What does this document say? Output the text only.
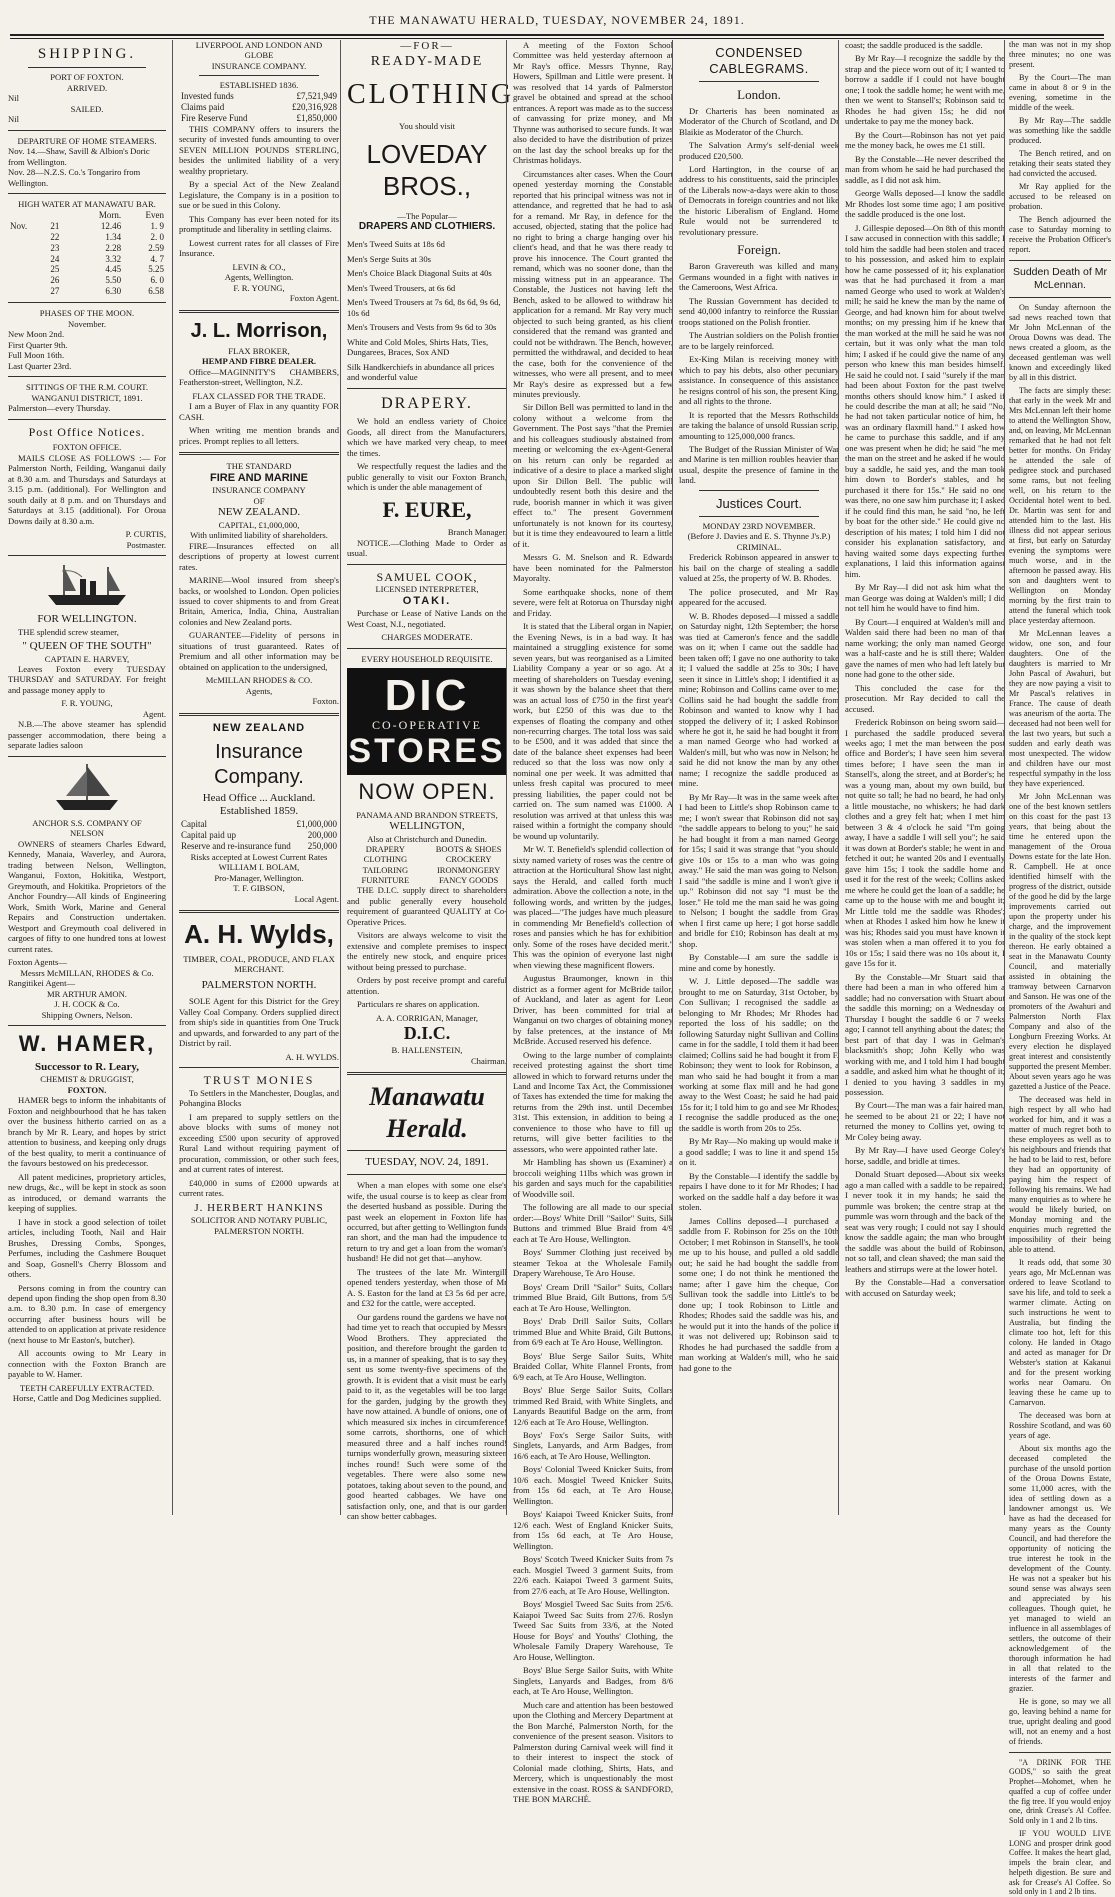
THE MANAWATU HERALD, TUESDAY, NOVEMBER 24, 1891.
SHIPPING.
PORT OF FOXTON.
ARRIVED.
Nil
SAILED.
Nil
DEPARTURE OF HOME STEAMERS.
Nov. 14.—Shaw, Savill & Albion's Doric from Wellington.
Nov. 28—N.Z.S. Co.'s Tongariro from Wellington.
HIGH WATER AT MANAWATU BAR.
		Morn.	Even
Nov.	21	12.46	1. 9
	22	1.34	2. 0
	23	2.28	2.59
	24	3.32	4. 7
	25	4.45	5.25
	26	5.50	6. 0
	27	6.30	6.58
PHASES OF THE MOON.
November.
New Moon 2nd.
First Quarter 9th.
Full Moon 16th.
Last Quarter 23rd.
SITTINGS OF THE R.M. COURT.
WANGANUI DISTRICT, 1891.
Palmerston—every Thursday.
Post Office Notices.
FOXTON OFFICE.

MAILS CLOSE AS FOLLOWS :— For Palmerston North, Feilding, Wanganui daily at 8.30 a.m. and Thursdays and Saturdays at 3.15 p.m. (additional). For Wellington and south daily at 8 p.m. and on Thursdays and Saturdays at 3.15 (additional). For Oroua Downs daily at 8.30 a.m.

P. CURTIS,
Postmaster.
FOR WELLINGTON.

THE splendid screw steamer,

" QUEEN OF THE SOUTH"
CAPTAIN E. HARVEY,

Leaves Foxton every TUESDAY THURSDAY and SATURDAY. For freight and passage money apply to

F. R. YOUNG,
Agent.

N.B.—The above steamer has splendid passenger accommodation, there being a separate ladies saloon

ANCHOR S.S. COMPANY OF
NELSON

OWNERS of steamers Charles Edward, Kennedy, Manaia, Waverley, and Aurora, trading between Nelson, Wellington, Wanganui, Foxton, Hokitika, Westport, Greymouth, and Hokitika. Proprietors of the Anchor Foundry—All kinds of Engineering Work, Smith Work, Marine and General Repairs and Construction undertaken. Westport and Greymouth coal delivered in cargoes of fifty to one hundred tons at lowest current rates.

Foxton Agents—
Messrs McMILLAN, RHODES & Co.
Rangitikei Agent—
MR ARTHUR AMON.
J. H. COCK & Co.
Shipping Owners, Nelson.
W. HAMER,
Successor to R. Leary,
CHEMIST & DRUGGIST,
FOXTON.

HAMER begs to inform the inhabitants of Foxton and neighbourhood that he has taken over the business hitherto carried on as a branch by Mr R. Leary, and hopes by strict attention to business, and keeping only drugs of the best quality, to merit a continuance of the favours bestowed on his predecessor.

All patent medicines, proprietory articles, new drugs, &c., will be kept in stock as soon as introduced, or demand warrants the keeping of supplies.

I have in stock a good selection of toilet articles, including Tooth, Nail and Hair Brushes, Dressing Combs, Sponges, Perfumes, including the Cashmere Bouquet and Soap, Gosnell's Cherry Blossom and others.

Persons coming in from the country can depend upon finding the shop open from 8.30 a.m. to 8.30 p.m. In case of emergency occurring after business hours will be attended to on application at private residence (next house to Mr Easton's, butcher).

All accounts owing to Mr Leary in connection with the Foxton Branch are payable to W. Hamer.

TEETH CAREFULLY EXTRACTED.
Horse, Cattle and Dog Medicines supplied.
LIVERPOOL AND LONDON AND
GLOBE
INSURANCE COMPANY.
ESTABLISHED 1836.
Invested funds	£7,521,949
Claims paid	£20,316,928
Fire Reserve Fund	£1,850,000

THIS COMPANY offers to insurers the security of invested funds amounting to over SEVEN MILLION POUNDS STERLING, besides the unlimited liability of a very wealthy proprietary.

By a special Act of the New Zealand Legislature, the Company is in a position to sue or be sued in this Colony.

This Company has ever been noted for its promptitude and liberality in settling claims.

Lowest current rates for all classes of Fire Insurance.

LEVIN & CO.,
Agents, Wellington.
F. R. YOUNG,
Foxton Agent.
J. L. Morrison,
FLAX BROKER,
HEMP AND FIBRE DEALER.

Office—MAGINNITY'S CHAMBERS, Featherston-street, Wellington, N.Z.

FLAX CLASSED FOR THE TRADE.

I am a Buyer of Flax in any quantity FOR CASH.

When writing me mention brands and prices. Prompt replies to all letters.

THE STANDARD
FIRE AND MARINE
INSURANCE COMPANY
OF
NEW ZEALAND.
CAPITAL, £1,000,000,
With unlimited liability of shareholders.

FIRE—Insurances effected on all descriptions of property at lowest current rates.

MARINE—Wool insured from sheep's backs, or woolshed to London. Open policies issued to cover shipments to and from Great Britain, America, India, China, Australian colonies and New Zealand ports.

GUARANTEE—Fidelity of persons in situations of trust guaranteed. Rates of Premium and all other information may be obtained on application to the undersigned,

McMILLAN RHODES & CO.
Agents,
Foxton.
NEW ZEALAND
Insurance Company.
Head Office ... Auckland.
Established 1859.
Capital	£1,000,000
Capital paid up	200,000
Reserve and re-insurance fund	250,000
Risks accepted at Lowest Current Rates
WILLIAM I. BOLAM,
Pro-Manager, Wellington.
T. F. GIBSON,
Local Agent.
A. H. Wylds,
TIMBER, COAL, PRODUCE, AND FLAX MERCHANT.
PALMERSTON NORTH.

SOLE Agent for this District for the Grey Valley Coal Company. Orders supplied direct from ship's side in quantities from One Truck and upwards, and forwarded to any part of the District by rail.

A. H. WYLDS.
TRUST MONIES

To Settlers in the Manchester, Douglas, and Pohangina Blocks

I am prepared to supply settlers on the above blocks with sums of money not exceeding £500 upon security of approved Rural Land without requiring payment of procuration, commission, or other such fees, and at current rates of interest.

£40,000 in sums of £2000 upwards at current rates.

J. HERBERT HANKINS
SOLICITOR AND NOTARY PUBLIC,
PALMERSTON NORTH.
—FOR—
READY-MADE
CLOTHING
You should visit
LOVEDAY BROS.,
—The Popular—
DRAPERS AND CLOTHIERS.
Men's Tweed Suits at 18s 6d
Men's Serge Suits at 30s
Men's Choice Black Diagonal Suits at 40s
Men's Tweed Trousers, at 6s 6d
Men's Tweed Trousers at 7s 6d, 8s 6d, 9s 6d, 10s 6d
Men's Trousers and Vests from 9s 6d to 30s
White and Cold Moles, Shirts Hats, Ties, Dungarees, Braces, Sox AND
Silk Handkerchiefs in abundance all prices and wonderful value
DRAPERY.

We hold an endless variety of Choice Goods, all direct from the Manufacturers, which we have marked very cheap, to meet the times.

We respectfully request the ladies and the public generally to visit our Foxton Branch, which is under the able management of

F. EURE,
Branch Manager.

NOTICE.—Clothing Made to Order as usual.

SAMUEL COOK,
LICENSED INTERPRETER,
OTAKI.

Purchase or Lease of Native Lands on the West Coast, N.I., negotiated.

CHARGES MODERATE.
EVERY HOUSEHOLD REQUISITE.
DIC
CO-OPERATIVE
STORES
NOW OPEN.
PANAMA AND BRANDON STREETS,
WELLINGTON,
Also at Christchurch and Dunedin.
DRAPERY
CLOTHING
TAILORING
FURNITURE
BOOTS & SHOES
CROCKERY
IRONMONGERY
FANCY GOODS

THE D.I.C. supply direct to shareholders and public generally every household requirement of guaranteed QUALITY at Co-Operative Prices.

Visitors are always welcome to visit the extensive and complete premises to inspect the entirely new stock, and enquire prices without being pressed to purchase.

Orders by post receive prompt and careful attention.

Particulars re shares on application.

A. A. CORRIGAN, Manager,
D.I.C.
B. HALLENSTEIN,
Chairman.
Manawatu Herald.
TUESDAY, NOV. 24, 1891.

When a man elopes with some one else's wife, the usual course is to keep as clear from the deserted husband as possible. During the past week an elopement in Foxton life has occurred, but after getting to Wellington funds ran short, and the man had the impudence to return to try and get a loan from the woman's husband! He did not get that—anyhow.

The trustees of the late Mr. Wintergill opened tenders yesterday, when those of Mr A. S. Easton for the land at £3 5s 6d per acre, and £32 for the cattle, were accepted.

Our gardens round the gardens we have not had time yet to reach that occupied by Messrs Wood Brothers. They appreciated the position, and therefore brought the garden to us, in a manner of speaking, that is to say they sent us some twenty-five specimens of the growth. It is evident that a visit must be early paid to it, as the vegetables will be too large for the garden, judging by the growth they have now attained. A bundle of onions, one of which measured six inches in circumference! some carrots, shorthorns, one of which measured three and a half inches round! turnips wonderfully grown, measuring sixteen inches round! Such were some of the vegetables. There were also some new potatoes, taking about seven to the pound, and good hearted cabbages. We have one satisfaction only, one, and that is our garden can show better cabbages.

A meeting of the Foxton School Committee was held yesterday afternoon at Mr Ray's office. Messrs Thynne, Ray, Howers, Spillman and Little were present. It was resolved that 14 yards of Palmerston gravel be obtained and spread at the school entrances. A report was made as to the success of canvassing for prize money, and Mr Thynne was authorised to secure funds. It was also decided to have the distribution of prizes on the last day the school breaks up for the Christmas holidays.

Circumstances alter cases. When the Court opened yesterday morning the Constable reported that his principal witness was not in attendance, and regretted that he had to ask for a remand. Mr Ray, in defence for the accused, objected, stating that the police had no right to bring a charge hanging over his client's head, and that he was there ready to prove his innocence. The Court granted the remand, which was no sooner done, than the missing witness put in an appearance. The Constable, the Justices not having left the Bench, asked to be allowed to withdraw his application for a remand. Mr Ray very much objected to such being granted, as his client considered that the remand was granted and could not be withdrawn. The Bench, however, permitted the withdrawal, and decided to hear the case, both for the convenience of the witnesses, who were all present, and to meet Mr Ray's desire as expressed but a few minutes previously.

Sir Dillon Bell was permitted to land in the colony without a welcome from the Government. The Post says "that the Premier and his colleagues studiously abstained from meeting or welcoming the ex-Agent-General on his return can only be regarded as indicative of a desire to place a marked slight upon Sir Dillon Bell. The public will undoubtedly resent both this desire and the rude, boorish manner in which it was given effect to." The present Government unfortunately is not known for its courtesy, but it is time they endeavoured to learn a little of it.

Messrs G. M. Snelson and R. Edwards have been nominated for the Palmerston Mayoralty.

Some earthquake shocks, none of them severe, were felt at Rotorua on Thursday night and Friday.

It is stated that the Liberal organ in Napier, the Evening News, is in a bad way. It has maintained a struggling existence for some seven years, but was reorganised as a Limited Liability Company a year or so ago. At a meeting of shareholders on Tuesday evening, it was shown by the balance sheet that there was an actual loss of £750 in the first year's work, but £250 of this was due to the expenses of floating the company and other non-recurring charges. The total loss was said to be £500, and it was added that since the date of the balance sheet expenses had been reduced so that the loss was now only a nominal one per week. It was admitted that unless fresh capital was procured to meet pressing liabilities, the paper could not be carried on. The sum named was £1000. A resolution was arrived at that unless this was raised within a fortnight the company should be wound up voluntarily.

Mr W. T. Benefield's splendid collection of sixty named variety of roses was the centre of attraction at the Horticultural Show last night, says the Herald, and called forth much admiration. Above the collection a note, in the following words, and written by the judges, was placed—"The judges have much pleasure in commending Mr Benefield's collection of roses and pansies which he has for exhibition only. Some of the roses have decided merit." This was the opinion of everyone last night when viewing these magnificent flowers.

Augustus Braumonger, known in this district as a former agent for McBride tailor, of Auckland, and later as agent for Leon Driver, has been committed for trial at Wanganui on two charges of obtaining money by false pretences, at the instance of Mr McBride. Accused reserved his defence.

Owing to the large number of complaints received protesting against the short time allowed in which to forward returns under the Land and Income Tax Act, the Commissioner of Taxes has extended the time for making the returns from the 29th inst. until December 31st. This extension, in addition to being a convenience to those who have to fill up returns, will give better facilities to the assessors, who were appointed rather late.

Mr Hambling has shown us (Examiner) a broccoli weighing 11lbs which was grown in his garden and says much for the capabilities of Woodville soil.

The following are all made to our special order:—Boys' White Drill "Sailor" Suits, Silk Buttons and trimmed Blue Braid from 4/9 each at Te Aro House, Wellington.

Boys' Summer Clothing just received by steamer Tekoa at the Wholesale Family Drapery Warehouse, Te Aro House.

Boys' Cream Drill "Sailor" Suits, Collars trimmed Blue Braid, Gilt Buttons, from 5/9 each at Te Aro House, Wellington.

Boys' Drab Drill Sailor Suits, Collars trimmed Blue and White Braid, Gilt Buttons, from 6/9 each at Te Aro House, Wellington.

Boys' Blue Serge Sailor Suits, White Braided Collar, White Flannel Fronts, from 6/9 each, at Te Aro House, Wellington.

Boys' Blue Serge Sailor Suits, Collars trimmed Red Braid, with White Singlets, and Lanyards Beautiful Badge on the arm, from 12/6 each at Te Aro House, Wellington.

Boys' Fox's Serge Sailor Suits, with Singlets, Lanyards, and Arm Badges, from 16/6 each, at Te Aro House, Wellington.

Boys' Colonial Tweed Knicker Suits, from 10/6 each. Mosgiel Tweed Knicker Suits, from 15s 6d each, at Te Aro House, Wellington.

Boys' Kaiapoi Tweed Knicker Suits, from 12/6 each. West of England Knicker Suits, from 15s 6d each, at Te Aro House, Wellington.

Boys' Scotch Tweed Knicker Suits from 7s each. Mosgiel Tweed 3 garment Suits, from 22/6 each. Kaiapoi Tweed 3 garment Suits, from 27/6 each, at Te Aro House, Wellington.

Boys' Mosgiel Tweed Sac Suits from 25/6. Kaiapoi Tweed Sac Suits from 27/6. Roslyn Tweed Sac Suits from 33/6, at the Noted House for Boys' and Youths' Clothing, the Wholesale Family Drapery Warehouse, Te Aro House, Wellington.

Boys' Blue Serge Sailor Suits, with White Singlets, Lanyards and Badges, from 8/6 each, at Te Aro House, Wellington.

Much care and attention has been bestowed upon the Clothing and Mercery Department at the Bon Marché, Palmerston North, for the convenience of the present season. Visitors to Palmerston during Carnival week will find it to their interest to inspect the stock of Colonial made clothing, Shirts, Hats, and Mercery, which is unquestionably the most extensive in the coast. ROSS & SANDFORD, THE BON MARCHÉ.

CONDENSED CABLEGRAMS.
London.

Dr Charteris has been nominated as Moderator of the Church of Scotland, and Dr Blaikie as Moderator of the Church.

The Salvation Army's self-denial week produced £20,500.

Lord Hartington, in the course of an address to his constituents, said the principles of the Liberals now-a-days were akin to those of Democrats in foreign countries and not like the historic Liberalism of England. Home Rule would not be surrendered to revolutionary pressure.

Foreign.

Baron Gravereuth was killed and many Germans wounded in a fight with natives in the Cameroons, West Africa.

The Russian Government has decided to send 40,000 infantry to reinforce the Russian troops stationed on the Polish frontier.

The Austrian soldiers on the Polish frontier are to be largely reinforced.

Ex-King Milan is receiving money with which to pay his debts, also other pecuniary assistance. In consequence of this assistance he resigns control of his son, the present King, and all rights to the throne.

It is reported that the Messrs Rothschilds are taking the balance of unsold Russian scrip, amounting to 125,000,000 francs.

The Budget of the Russian Minister of War and Marine is ten million roubles heavier than usual, despite the presence of famine in the land.

Justices Court.
MONDAY 23RD NOVEMBER.
(Before J. Davies and E. S. Thynne J's.P.)
CRIMINAL.

Frederick Robinson appeared in answer to his bail on the charge of stealing a saddle valued at 25s, the property of W. B. Rhodes.

The police prosecuted, and Mr Ray appeared for the accused.

W. B. Rhodes deposed—I missed a saddle on Saturday night, 12th September; the horse was tied at Cameron's fence and the saddle was on it; when I came out the saddle had been taken off; I gave no one authority to take it; I valued the saddle at 25s to 30s; I have seen it since in Little's shop; I identified it as mine; Robinson and Collins came over to me; Collins said he had bought the saddle from Robinson and wanted to know why I had stopped the delivery of it; I asked Robinson where he got it, he said he had bought it from a man named George who had worked at Walden's mill, but who was now in Nelson; he said he did not know the man by any other name; I recognize the saddle produced as mine.

By Mr Ray—It was in the same week after I had been to Little's shop Robinson came to me; I won't swear that Robinson did not say "the saddle appears to belong to you;" he said he had bought it from a man named George for 15s; I said it was strange that "you should give 10s or 15s to a man who was going away." He said the man was going to Nelson. I said "the saddle is mine and I won't give it up." Robinson did not say "I must be the loser." He told me the man said he was going to Nelson; I bought the saddle from Gray when I first came up here; I got horse saddle and bridle for £10; Robinson has dealt at my shop.

By Constable—I am sure the saddle is mine and come by honestly.

W. J. Little deposed—The saddle was brought to me on Saturday, 31st October, by Con Sullivan; I recognised the saddle as belonging to Mr Rhodes; Mr Rhodes had reported the loss of his saddle; on the following Saturday night Sullivan and Collins came in for the saddle, I told them it had been claimed; Collins said he had bought it from F. Robinson; they went to look for Robinson, a man who said he had bought it from a man working at some flax mill and he had gone away to the West Coast; he said he had paid 15s for it; I told him to go and see Mr Rhodes; I recognise the saddle produced as the one; the saddle is worth from 20s to 25s.

By Mr Ray—No making up would make it a good saddle; I was to line it and spend 15s on it.

By the Constable—I identify the saddle by repairs I have done to it for Mr Rhodes; I had worked on the saddle half a day before it was stolen.

James Collins deposed—I purchased a saddle from F. Robinson for 25s on the 10th October; I met Robinson in Stansell's, he took me up to his house, and pulled a old saddle out; he said he had bought the saddle from some one; I do not think he mentioned the name; after I gave him the cheque, Con Sullivan took the saddle into Little's to be done up; I took Robinson to Little and Rhodes; Rhodes said the saddle was his, and he would put it into the hands of the police if it was not delivered up; Robinson said to Rhodes he had purchased the saddle from a man working at Walden's mill, who he said had gone to the

coast; the saddle produced is the saddle.

By Mr Ray—I recognize the saddle by the strap and the piece worn out of it; I wanted to borrow a saddle if I could not have bought one; I took the saddle home; he went with me, then we went to Stansell's; Robinson said to Rhodes he had given 15s; he did not undertake to pay me the money back.

By the Court—Robinson has not yet paid me the money back, he owes me £1 still.

By the Constable—He never described the man from whom he said he had purchased the saddle, as I did not ask him.

George Walls deposed—I know the saddle Mr Rhodes lost some time ago; I am positive the saddle produced is the one lost.

J. Gillespie deposed—On 8th of this month I saw accused in connection with this saddle; I told him the saddle had been stolen and traced to his possession, and asked him to explain how he came possessed of it; his explanation was that he had purchased it from a man named George who used to work at Walden's mill; he said he knew the man by the name of George, and had known him for about twelve months; on my pressing him if he knew that the man worked at the mill he said he was not certain, but it was only what the man told him; I asked if he could give the name of any person who knew this man besides himself. He said he could not. I said "surely if the man had been about Foxton for the past twelve months others should know him." I asked if he could describe the man at all; he said "No, he had not taken particular notice of him, he was an ordinary flaxmill hand." I asked how he came to purchase this saddle, and if any one was present when he did; he said "he met the man on the street and he asked if he would buy a saddle, he said yes, and the man took him down to Border's stables, and he purchased it there for 15s." He said no one was there, no one saw him purchase it; I asked if he could find this man, he said "no, he left by boat for the other side." He could give no description of his mates; I told him I did not consider his explanation satisfactory, and having waited some days expecting further explanations, I laid this information against him.

By Mr Ray—I did not ask him what the man George was doing at Walden's mill; I did not tell him he would have to find him.

By Court—I enquired at Walden's mill and Walden said there had been no man of that name working; the only man named George was a half-caste and he is still there; Walden gave the names of men who had left lately but none had gone to the other side.

This concluded the case for the prosecution. Mr Ray decided to call the accused.

Frederick Robinson on being sworn said—I purchased the saddle produced several weeks ago; I met the man between the post office and Border's; I have seen him several times before; I have seen the man in Stansell's, along the street, and at Border's; he was a young man, about my own build, but not quite so tall; he had no beard, he had only a little moustache, no whiskers; he had dark clothes and a grey felt hat; when I met him between 3 & 4 o'clock he said "I'm going away, I have a saddle I will sell you"; he said it was down at Border's stable; he went in and fetched it out; he wanted 20s and I eventually gave him 15s; I took the saddle home and used it for the rest of the week; Collins asked me where he could get the loan of a saddle; he came up to the house with me and bought it; Mr Little told me the saddle was Rhodes'; when at Rhodes I asked him how he knew it was his; Rhodes said you must have known it was stolen when a man offered it to you for 10s or 15s; I said there was no 10s about it, I gave 15s for it.

By the Constable—Mr Stuart said that there had been a man in who offered him a saddle; had no conversation with Stuart about the saddle this morning; on a Wednesday or Thursday I bought the saddle 6 or 7 weeks ago; I cannot tell anything about the dates; the best part of that day I was in Gelman's blacksmith's shop; John Kelly who was working with me, and I told him I had bought a saddle, and asked him what he thought of it; I denied to you having 3 saddles in my possession.

By Court—The man was a fair haired man, he seemed to be about 21 or 22; I have not returned the money to Collins yet, owing to Mr Coley being away.

By Mr Ray—I have used George Coley's horse, saddle, and bridle at times.

Donald Stuart deposed—About six weeks ago a man called with a saddle to be repaired; I never took it in my hands; he said the pummle was broken; the centre strap at the pummle was worn through and the back of the seat was very rough; I could not say I should know the saddle again; the man who brought the saddle was about the build of Robinson, not so tall, and clean shaved; the man said the leathers and stirrups were at the lower hotel.

By the Constable—Had a conversation with accused on Saturday week;

the man was not in my shop three minutes; no one was present.

By the Court—The man came in about 8 or 9 in the evening, sometime in the middle of the week.

By Mr Ray—The saddle was something like the saddle produced.

The Bench retired, and on retaking their seats stated they had convicted the accused.

Mr Ray applied for the accused to be released on probation.

The Bench adjourned the case to Saturday morning to receive the Probation Officer's report.

Sudden Death of Mr McLennan.

On Sunday afternoon the sad news reached town that Mr John McLennan of the Oroua Downs was dead. The news created a gloom, as the deceased gentleman was well known and exceedingly liked by all in this district.

The facts are simply these: that early in the week Mr and Mrs McLennan left their home to attend the Wellington Show, and, on leaving, Mr McLennan remarked that he had not felt better for months. On Friday he attended the sale of pedigree stock and purchased some rams, but not feeling well, on his return to the Occidental hotel went to bed. Dr. Martin was sent for and attended him to the last. His illness did not appear serious at first, but early on Saturday evening the symptoms were much worse, and in the afternoon he passed away. His son and daughters went to Wellington on Monday morning by the first train to attend the funeral which took place yesterday afternoon.

Mr McLennan leaves a widow, one son, and four daughters. One of the daughters is married to Mr John Pascal of Awahuri, but they are now paying a visit to Mr Pascal's relatives in France. The cause of death was aneurism of the aorta. The deceased had not been well for the last two years, but such a sudden and early death was most unexpected. The widow and children have our most respectful sympathy in the loss they have experienced.

Mr John McLennan was one of the best known settlers on this coast for the past 13 years, that being about the time he entered upon the management of the Oroua Downs estate for the late Hon. R. Campbell. He at once identified himself with the progress of the district, outside of the good he did by the large improvements carried out upon the property under his charge, and the improvement in the quality of the stock kept thereon. He early obtained a seat in the Manawatu County Council, and materially assisted in obtaining the tramway between Carnarvon and Sanson. He was one of the promoters of the Awahuri and Palmerston North Flax Company and also of the Longburn Freezing Works. At every election he displayed great interest and consistently supported the present Member. About seven years ago he was gazetted a Justice of the Peace.

The deceased was held in high respect by all who had worked for him, and it was a matter of much regret both to these employees as well as to his neighbours and friends that he had to be laid to rest, before they had an opportunity of paying him the respect of following his remains. We had many enquiries as to where he would be likely buried, on Monday morning and the enquiries much regretted the impossibility of their being able to attend.

It reads odd, that some 30 years ago, Mr McLennan was ordered to leave Scotland to save his life, and told to seek a warmer climate. Acting on such instructions he went to Australia, but finding the climate too hot, left for this colony. He landed in Otago and acted as manager for Dr Webster's station at Kakanui and for the present working works near Oamaru. On leaving these he came up to Carnarvon.

The deceased was born at Rosshire Scotland, and was 60 years of age.

About six months ago the deceased completed the purchase of the unsold portion of the Oroua Downs Estate, some 11,000 acres, with the idea of settling down as a landowner amongst us. We have as had the deceased for many years as the County Council, and had therefore the opportunity of noticing the true interest he took in the development of the County. He was not a speaker but his sound sense was always seen and appreciated by his colleagues. Though quiet, he yet managed to wield an influence in all assemblages of settlers, the outcome of their acknowledgement of the thorough information he had in all that related to the interests of the farmer and grazier.

He is gone, so may we all go, leaving behind a name for true, upright dealing and good will, not an enemy and a host of friends.

"A DRINK FOR THE GODS," so saith the great Prophet—Mohomet, when he quaffed a cup of coffee under the fig tree. If you would enjoy one, drink Crease's Al Coffee. Sold only in 1 and 2 lb tins.

IF YOU WOULD LIVE LONG and prosper drink good Coffee. It makes the heart glad, impels the brain clear, and helpeth digestion. Be sure and ask for Crease's Al Coffee. So sold only in 1 and 2 lb tins.
